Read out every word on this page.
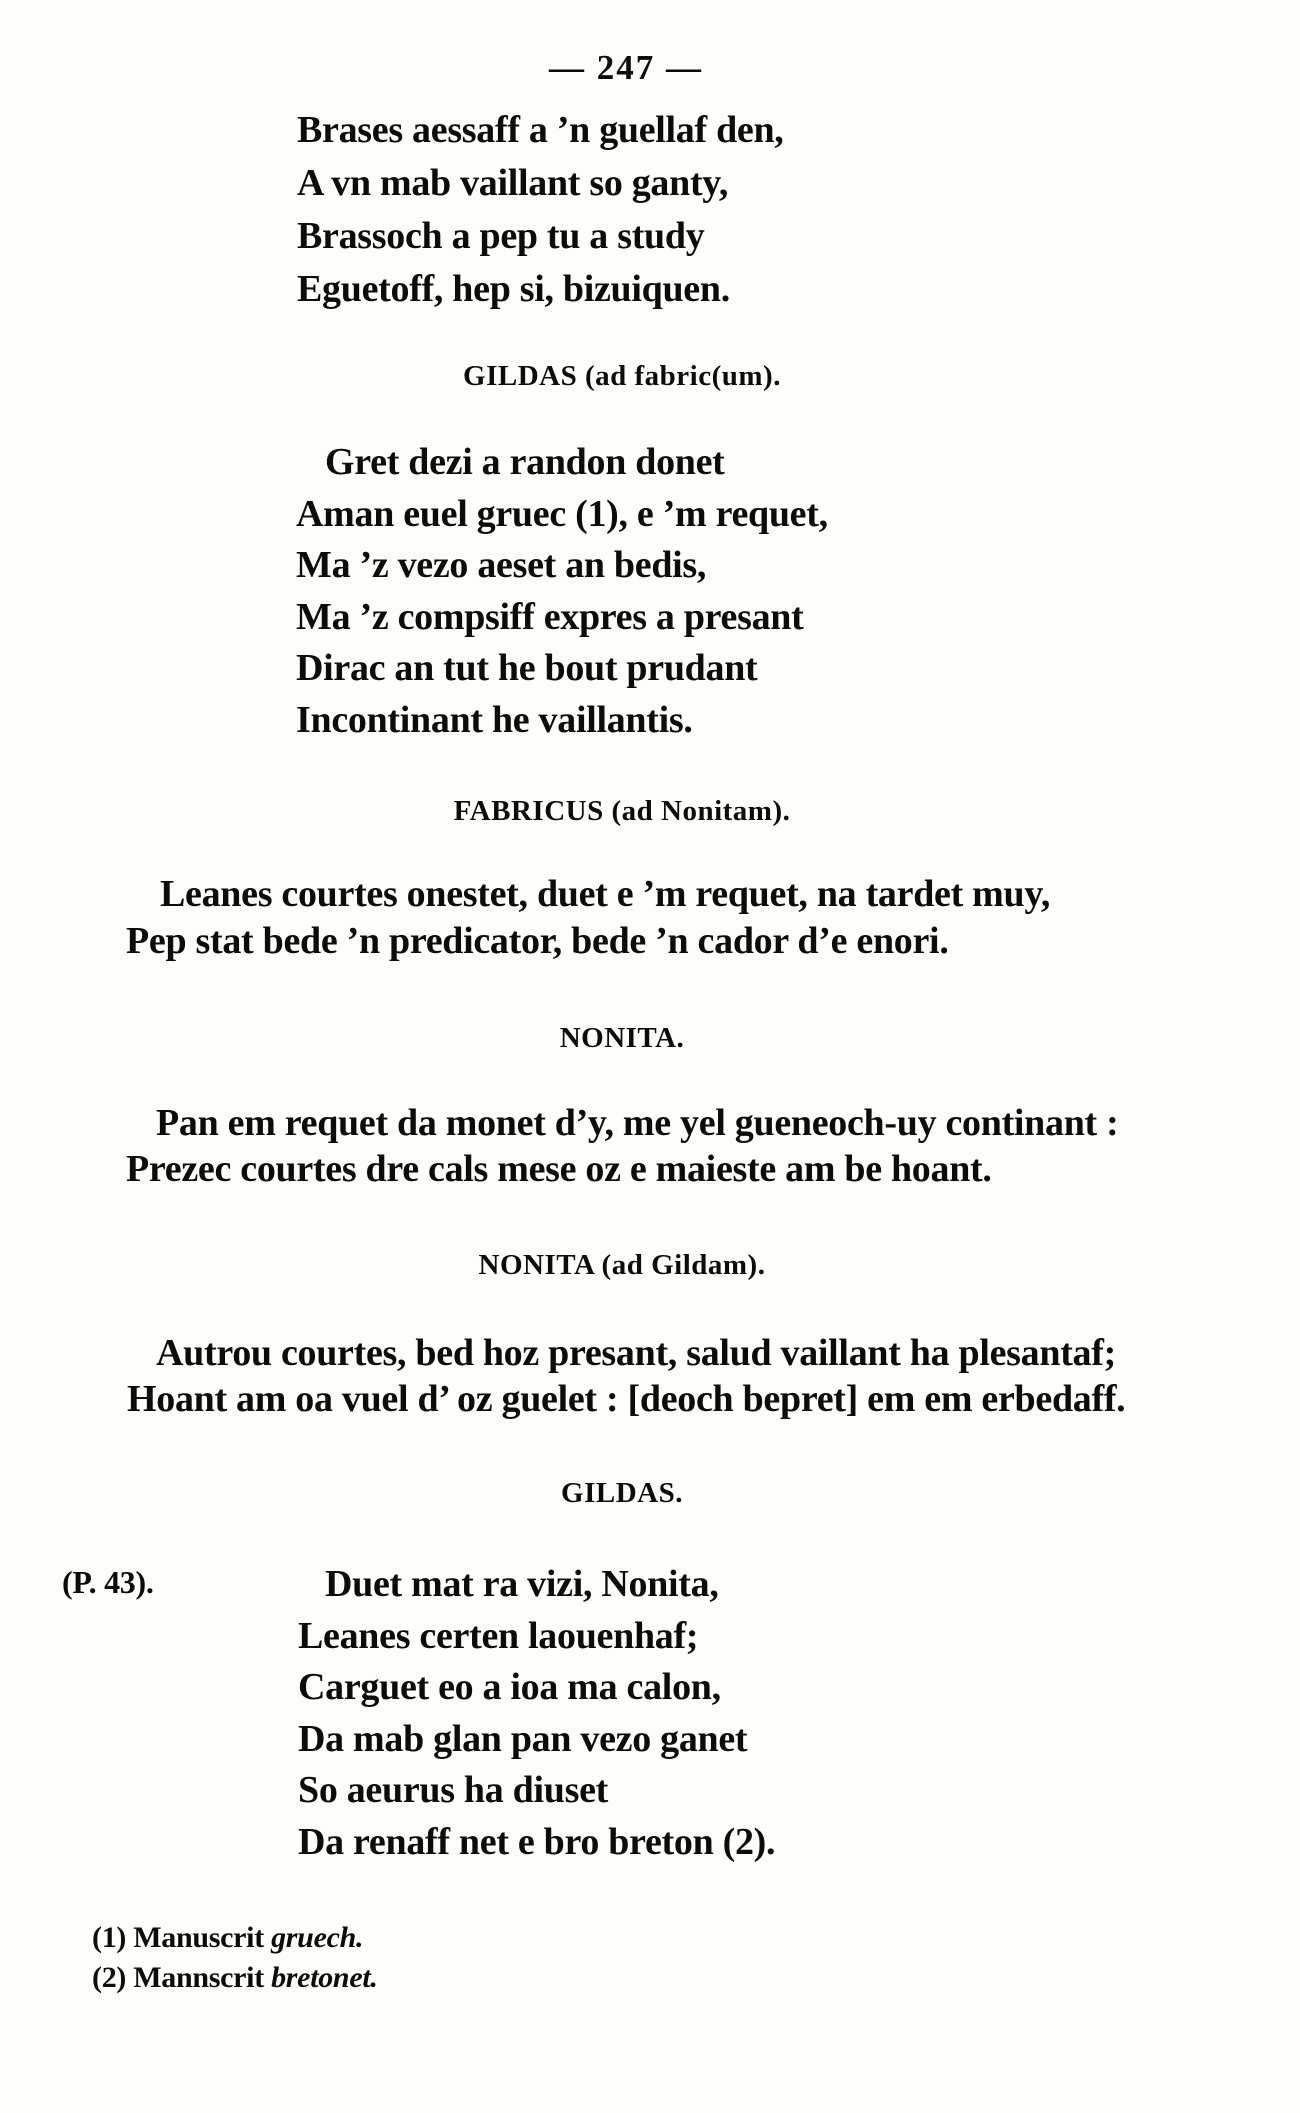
— 247 —
Brases aessaff a ’n guellaf den,
A vn mab vaillant so ganty,
Brassoch a pep tu a study
Eguetoff, hep si, bizuiquen.
GILDAS (ad fabric(um).
Gret dezi a randon donet
Aman euel gruec (1), e ’m requet,
Ma ’z vezo aeset an bedis,
Ma ’z compsiff expres a presant
Dirac an tut he bout prudant
Incontinant he vaillantis.
FABRICUS (ad Nonitam).
Leanes courtes onestet, duet e ’m requet, na tardet muy,
Pep stat bede ’n predicator, bede ’n cador d’e enori.
NONITA.
Pan em requet da monet d’y, me yel gueneoch-uy continant :
Prezec courtes dre cals mese oz e maieste am be hoant.
NONITA (ad Gildam).
Autrou courtes, bed hoz presant, salud vaillant ha plesantaf;
Hoant am oa vuel d’ oz guelet : [deoch bepret] em em erbedaff.
GILDAS.
(P. 43).	Duet mat ra vizi, Nonita,
Leanes certen laouenhaf;
Carguet eo a ioa ma calon,
Da mab glan pan vezo ganet
So aeurus ha diuset
Da renaff net e bro breton (2).
(1) Manuscrit gruech.
(2) Mannscrit bretonet.
